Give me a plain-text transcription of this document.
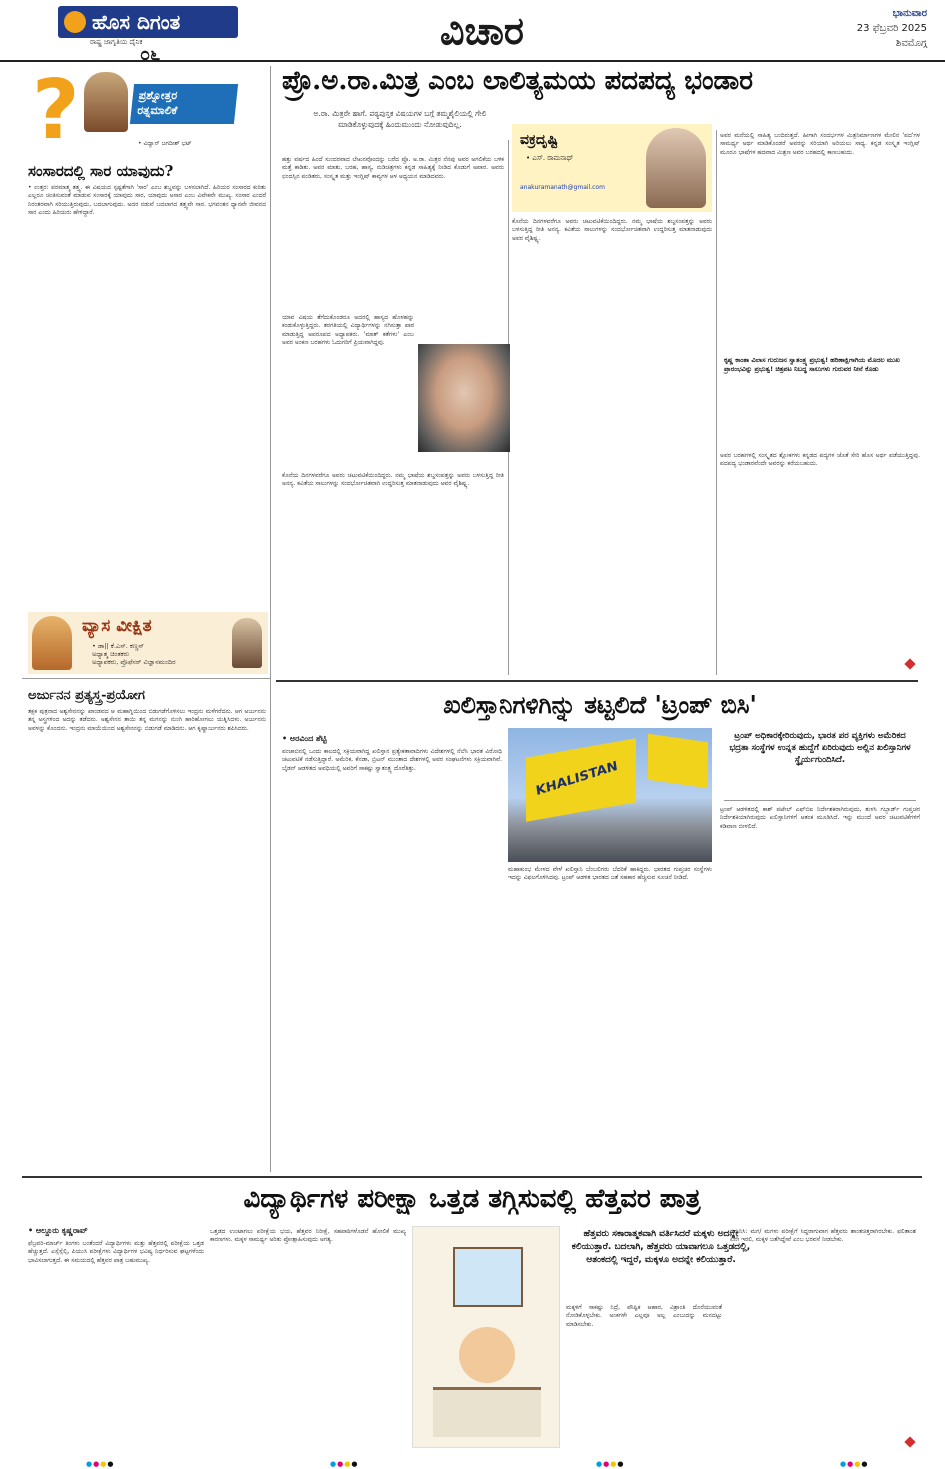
ಹೊಸ ದಿಗಂತ
ರಾಷ್ಟ್ರ ಜಾಗೃತಿಯ ದೈನಿಕ
೦೬
ವಿಚಾರ	ಭಾನುವಾರ
23 ಫೆಬ್ರವರಿ 2025
ಶಿವಮೊಗ್ಗ
?	ಪ್ರಶ್ನೋತ್ತರ
ರತ್ನಮಾಲಿಕೆ
• ವಿದ್ವಾನ್ ಜಗದೀಶ್ ಭಟ್
ಸಂಸಾರದಲ್ಲಿ ಸಾರ ಯಾವುದು?
• ಉತ್ತರ: ಪರಮಾತ್ಮ ತತ್ತ್ವ. ಈ ವಿಷಯದ ಸ್ಪಷ್ಟತೆಗಾಗಿ 'ಸಾರ' ಎಂಬ ಶಬ್ದವನ್ನು ಬಳಸಲಾಗಿದೆ. ಹಿರಿಯರ ಸಂಸಾರದ ಕುರಿತು ಎಲ್ಲರೂ ಚಿಂತಿಸುವಂತೆ ಮಾಡುವ ಸಂಸಾರಕ್ಕೆ ಯಾವುದು ಸಾರ, ಯಾವುದು ಅಸಾರ ಎಂಬ ವಿವೇಕವೇ ಮುಖ್ಯ. ಸಂಸಾರ ಎಂದರೆ ನಿರಂತರವಾಗಿ ಸರಿಯುತ್ತಿರುವುದು, ಬದಲಾಗುವುದು. ಅದರ ನಡುವೆ ಬದಲಾಗದ ತತ್ತ್ವವೇ ಸಾರ. ಭಗವಂತನ ಧ್ಯಾನವೇ ಜೀವನದ ಸಾರ ಎಂದು ಹಿರಿಯರು ಹೇಳಿದ್ದಾರೆ.
ವ್ಯಾಸ ವೀಕ್ಷಿತ
• ಡಾ|| ಕೆ.ಎಸ್. ಕಣ್ಣನ್
ಅಧ್ಯಾತ್ಮ ಚಿಂತಕರು
ಅಧ್ಯಾಪಕರು, ಪ್ರೊಫೆಸರ್ ವಿಜ್ಞಾನಮಂದಿರ
ಅರ್ಜುನನ ಪ್ರತ್ಯಸ್ತ್ರ-ಪ್ರಯೋಗ
ತಕ್ಷಕ ಪುತ್ರನಾದ ಅಶ್ವಸೇನನನ್ನು ಖಾಂಡವದ ಆ ಮಹಾಗ್ನಿಯಿಂದ ಬಿಡುಗಡೆಗೊಳಿಸಲು ಇಂದ್ರನು ಮಳೆಗರೆದನು. ಆಗ ಅರ್ಜುನನು ತನ್ನ ಅಸ್ತ್ರಗಳಿಂದ ಅದನ್ನು ತಡೆದನು. ಅಶ್ವಸೇನನ ತಾಯಿ ತನ್ನ ಮಗನನ್ನು ನುಂಗಿ ಹಾರಿಹೋಗಲು ಯತ್ನಿಸಿದಳು. ಅರ್ಜುನನು ಅವಳನ್ನು ಕೊಂದನು. ಇಂದ್ರನು ಮಾಯೆಯಿಂದ ಅಶ್ವಸೇನನನ್ನು ಬಿಡುಗಡೆ ಮಾಡಿದನು. ಆಗ ಕೃಷ್ಣಾರ್ಜುನರು ಶಪಿಸಿದರು.
ಪ್ರೊ.ಅ.ರಾ.ಮಿತ್ರ ಎಂಬ ಲಾಲಿತ್ಯಮಯ ಪದಪದ್ಯ ಭಂಡಾರ
ಅ.ರಾ. ಮಿತ್ರರೇ ಹಾಗೆ. ಪಠ್ಯಪುಸ್ತಕ ವಿಷಯಗಳ ಬಗ್ಗೆ ತಮ್ಮಶೈಲಿಯಲ್ಲಿ ಗೇಲಿ ಮಾಡಿಕೊಳ್ಳುವುದಕ್ಕೆ ಹಿಂದುಮುಂದು ನೋಡುವುದಿಲ್ಲ.
ಹತ್ತು ವರ್ಷದ ಹಿಂದೆ ಸುಂದರವಾದ ಲೇಖನವೊಂದನ್ನು ಬರೆದ ಪ್ರೊ. ಅ.ರಾ. ಮಿತ್ರರ ನೆನಪು ಅವರ ಅಗಲಿಕೆಯ ಬಳಿಕ ಮತ್ತೆ ಕಾಡಿತು. ಅವರ ಮಾತು, ಬರಹ, ಹಾಸ್ಯ, ನುಡಿಚಿತ್ರಗಳು ಕನ್ನಡ ಸಾಹಿತ್ಯಕ್ಕೆ ನೀಡಿದ ಕೊಡುಗೆ ಅಪಾರ. ಅವರು ಛಂದಸ್ಸಿನ ಪಂಡಿತರು, ಸಂಸ್ಕೃತ ಮತ್ತು ಇಂಗ್ಲಿಷ್ ಕಾವ್ಯಗಳ ಆಳ ಅಧ್ಯಯನ ಮಾಡಿದವರು.
ಯಾವ ವಿಷಯ ತೆಗೆದುಕೊಂಡರೂ ಅದರಲ್ಲಿ ಹಾಸ್ಯದ ಹೊಳಹನ್ನು ಕಂಡುಕೊಳ್ಳುತ್ತಿದ್ದರು. ತರಗತಿಯಲ್ಲಿ ವಿದ್ಯಾರ್ಥಿಗಳನ್ನು ನಗಿಸುತ್ತಾ ಪಾಠ ಮಾಡುತ್ತಿದ್ದ ಅಪರೂಪದ ಅಧ್ಯಾಪಕರು. 'ಮಾತ್ ಕತೆಗಳು' ಎಂಬ ಅವರ ಅಂಕಣ ಬರಹಗಳು ಓದುಗರಿಗೆ ಪ್ರಿಯವಾಗಿದ್ದವು.
ಕೊನೆಯ ದಿನಗಳವರೆಗೂ ಅವರು ಚಟುವಟಿಕೆಯಿಂದಿದ್ದರು. ನಮ್ಮ ಭಾಷೆಯ ಶಬ್ದಸಂಪತ್ತನ್ನು ಅವರು ಬಳಸುತ್ತಿದ್ದ ರೀತಿ ಅನನ್ಯ. ಕವಿತೆಯ ಸಾಲುಗಳನ್ನು ಸಂದರ್ಭೋಚಿತವಾಗಿ ಉದ್ಧರಿಸುತ್ತ ಮಾತನಾಡುವುದು ಅವರ ವೈಶಿಷ್ಟ್ಯ.
ವಕ್ರದೃಷ್ಟಿ
• ಎಸ್. ರಾಮನಾಥ್
anakuramanath@gmail.com
ಕೊನೆಯ ದಿನಗಳವರೆಗೂ ಅವರು ಚಟುವಟಿಕೆಯಿಂದಿದ್ದರು. ನಮ್ಮ ಭಾಷೆಯ ಶಬ್ದಸಂಪತ್ತನ್ನು ಅವರು ಬಳಸುತ್ತಿದ್ದ ರೀತಿ ಅನನ್ಯ. ಕವಿತೆಯ ಸಾಲುಗಳನ್ನು ಸಂದರ್ಭೋಚಿತವಾಗಿ ಉದ್ಧರಿಸುತ್ತ ಮಾತನಾಡುವುದು ಅವರ ವೈಶಿಷ್ಟ್ಯ.
ಅವರ ಮನೆಯಲ್ಲಿ ಸಾಹಿತ್ಯ ಬಂದಿರುತ್ತದೆ. ಹೀಗಾಗಿ ಸಂದರ್ಭಗಳ ಮಿತ್ರನಿರ್ಮಾಣಗಳ ಮೇಲಿನ 'ಪದ'ಗಳ ಸಾಮರ್ಥ್ಯ ಅರ್ಥ ಮಾಡಿಕೊಂಡರೆ ಅವರನ್ನು ಸರಿಯಾಗಿ ಅರಿಯಲು ಸಾಧ್ಯ. ಕನ್ನಡ ಸಂಸ್ಕೃತ ಇಂಗ್ಲಿಷ್ ಮೂರೂ ಭಾಷೆಗಳ ಹದವಾದ ಮಿಶ್ರಣ ಅವರ ಬರಹದಲ್ಲಿ ಕಾಣಬಹುದು.
ಕೃಷ್ಣ ಕಾಂತಾ ವಿಲಾಸ ಗುರುಜನ ಸ್ವಾತಂತ್ರ್ಯ ಪ್ರಭುತ್ವ! ಹರಿಣಾಕ್ಷಿಗಾಗಿಯ ಮೊದಲ ಮುಖ ಪ್ರಾರಂಭವಿನ್ನು ಪ್ರಭುತ್ವ! ಚಿತ್ರಪಟ ನಿಬದ್ಧ ಸಾಲುಗಳು ಗುರುವರ ನೀನೆ ಕೊಡು
ಅವರ ಬರಹಗಳಲ್ಲಿ ಸಂಸ್ಕೃತದ ಶ್ಲೋಕಗಳು ಕನ್ನಡದ ಪದ್ಯಗಳ ಜೊತೆ ಸೇರಿ ಹೊಸ ಅರ್ಥ ಪಡೆಯುತ್ತಿದ್ದವು. ಪದಪದ್ಯ ಭಂಡಾರವೆಂದೇ ಅವರನ್ನು ಕರೆಯಬಹುದು.
ಖಲಿಸ್ತಾನಿಗಳಿಗಿನ್ನು ತಟ್ಟಲಿದೆ 'ಟ್ರಂಪ್ ಬಿಸಿ'
• ಅರವಿಂದ ಶೆಟ್ಟಿ
ಪಂಜಾಬಿನಲ್ಲಿ ಒಂದು ಕಾಲದಲ್ಲಿ ಸಕ್ರಿಯವಾಗಿದ್ದ ಖಲಿಸ್ತಾನ ಪ್ರತ್ಯೇಕತಾವಾದಿಗಳು ವಿದೇಶಗಳಲ್ಲಿ ನೆಲೆಸಿ ಭಾರತ ವಿರೋಧಿ ಚಟುವಟಿಕೆ ನಡೆಸುತ್ತಿದ್ದಾರೆ. ಅಮೆರಿಕ, ಕೆನಡಾ, ಬ್ರಿಟನ್ ಮುಂತಾದ ದೇಶಗಳಲ್ಲಿ ಅವರ ಸಂಘಟನೆಗಳು ಸಕ್ರಿಯವಾಗಿವೆ. ಬೈಡನ್ ಆಡಳಿತದ ಅವಧಿಯಲ್ಲಿ ಅವರಿಗೆ ಸಾಕಷ್ಟು ಸ್ವಾತಂತ್ರ್ಯ ದೊರೆತಿತ್ತು.	KHALISTAN
ಮಹಾಕುಂಭ ಮೇಳದ ವೇಳೆ ಖಲಿಸ್ತಾನಿ ಬೆಂಬಲಿಗರು ಬೆದರಿಕೆ ಹಾಕಿದ್ದರು. ಭಾರತದ ಗುಪ್ತಚರ ಸಂಸ್ಥೆಗಳು ಇದನ್ನು ವಿಫಲಗೊಳಿಸಿದವು. ಟ್ರಂಪ್ ಆಡಳಿತ ಭಾರತದ ಜತೆ ಸಹಕಾರ ಹೆಚ್ಚಿಸುವ ಸೂಚನೆ ನೀಡಿದೆ.
ಟ್ರಂಪ್ ಅಧಿಕಾರಕ್ಕೇರಿರುವುದು, ಭಾರತ ಪರ ವ್ಯಕ್ತಿಗಳು ಅಮೆರಿಕದ ಭದ್ರತಾ ಸಂಸ್ಥೆಗಳ ಉನ್ನತ ಹುದ್ದೆಗೆ ಏರಿರುವುದು ಅಲ್ಲಿನ ಖಲಿಸ್ತಾನಿಗಳ ಸ್ಥೈರ್ಯಗುಂದಿಸಿದೆ.
ಟ್ರಂಪ್ ಆಡಳಿತದಲ್ಲಿ ಕಾಶ್ ಪಟೇಲ್ ಎಫ್‌ಬಿಐ ನಿರ್ದೇಶಕರಾಗಿರುವುದು, ತುಳಸಿ ಗಬ್ಬಾರ್ಡ್ ಗುಪ್ತಚರ ನಿರ್ದೇಶಕಿಯಾಗಿರುವುದು ಖಲಿಸ್ತಾನಿಗಳಿಗೆ ಆತಂಕ ಮೂಡಿಸಿದೆ. ಇನ್ನು ಮುಂದೆ ಅವರ ಚಟುವಟಿಕೆಗಳಿಗೆ ಕಡಿವಾಣ ಬೀಳಲಿದೆ.
ವಿದ್ಯಾರ್ಥಿಗಳ ಪರೀಕ್ಷಾ ಒತ್ತಡ ತಗ್ಗಿಸುವಲ್ಲಿ ಹೆತ್ತವರ ಪಾತ್ರ
• ಆಲ್ದೂರು ಕೃಷ್ಣರಾವ್
ಫೆಬ್ರವರಿ-ಮಾರ್ಚ್ ತಿಂಗಳು ಬಂತೆಂದರೆ ವಿದ್ಯಾರ್ಥಿಗಳು ಮತ್ತು ಹೆತ್ತವರಲ್ಲಿ ಪರೀಕ್ಷೆಯ ಒತ್ತಡ ಹೆಚ್ಚುತ್ತದೆ. ಎಸ್ಸೆಸ್ಸೆಲ್ಸಿ, ಪಿಯುಸಿ ಪರೀಕ್ಷೆಗಳು ವಿದ್ಯಾರ್ಥಿಗಳ ಭವಿಷ್ಯ ನಿರ್ಧರಿಸುವ ಘಟ್ಟಗಳೆಂದು ಭಾವಿಸಲಾಗುತ್ತದೆ. ಈ ಸಮಯದಲ್ಲಿ ಹೆತ್ತವರ ಪಾತ್ರ ಬಹುಮುಖ್ಯ.
ಒತ್ತಡದ ಉಂಟಾಗಲು ಪರೀಕ್ಷೆಯ ಭಯ, ಹೆತ್ತವರ ನಿರೀಕ್ಷೆ, ಸಹಪಾಠಿಗಳೊಡನೆ ಹೋಲಿಕೆ ಮುಖ್ಯ ಕಾರಣಗಳು. ಮಕ್ಕಳ ಸಾಮರ್ಥ್ಯ ಅರಿತು ಪ್ರೋತ್ಸಾಹಿಸುವುದು ಅಗತ್ಯ.
ಹೆತ್ತವರು ಸಕಾರಾತ್ಮಕವಾಗಿ ವರ್ತಿಸಿದರೆ ಮಕ್ಕಳು ಅದನ್ನೇ ಕಲಿಯುತ್ತಾರೆ. ಬದಲಾಗಿ, ಹೆತ್ತವರು ಯಾವಾಗಲೂ ಒತ್ತಡದಲ್ಲಿ, ಆತಂಕದಲ್ಲಿ ಇದ್ದರೆ, ಮಕ್ಕಳೂ ಅದನ್ನೇ ಕಲಿಯುತ್ತಾರೆ.
ಮಕ್ಕಳಿಗೆ ಸಾಕಷ್ಟು ನಿದ್ರೆ, ಪೌಷ್ಟಿಕ ಆಹಾರ, ವಿಶ್ರಾಂತಿ ದೊರೆಯುವಂತೆ ನೋಡಿಕೊಳ್ಳಬೇಕು. ಅಂಕಗಳೇ ಎಲ್ಲವೂ ಅಲ್ಲ ಎಂಬುದನ್ನು ಮನದಟ್ಟು ಮಾಡಿಸಬೇಕು.
ಗಮನಿಸಿ: ಮಗ/ ಮಗಳು ಪರೀಕ್ಷೆಗೆ ಸಿದ್ಧರಾಗುವಾಗ ಹೆತ್ತವರು ಶಾಂತಚಿತ್ತರಾಗಿರಬೇಕು. ಫಲಿತಾಂಶ ಏನೇ ಇರಲಿ, ಮಕ್ಕಳ ಜತೆಗಿದ್ದೇವೆ ಎಂಬ ಭರವಸೆ ನೀಡಬೇಕು.
●●●●	●●●●	●●●●	●●●●
